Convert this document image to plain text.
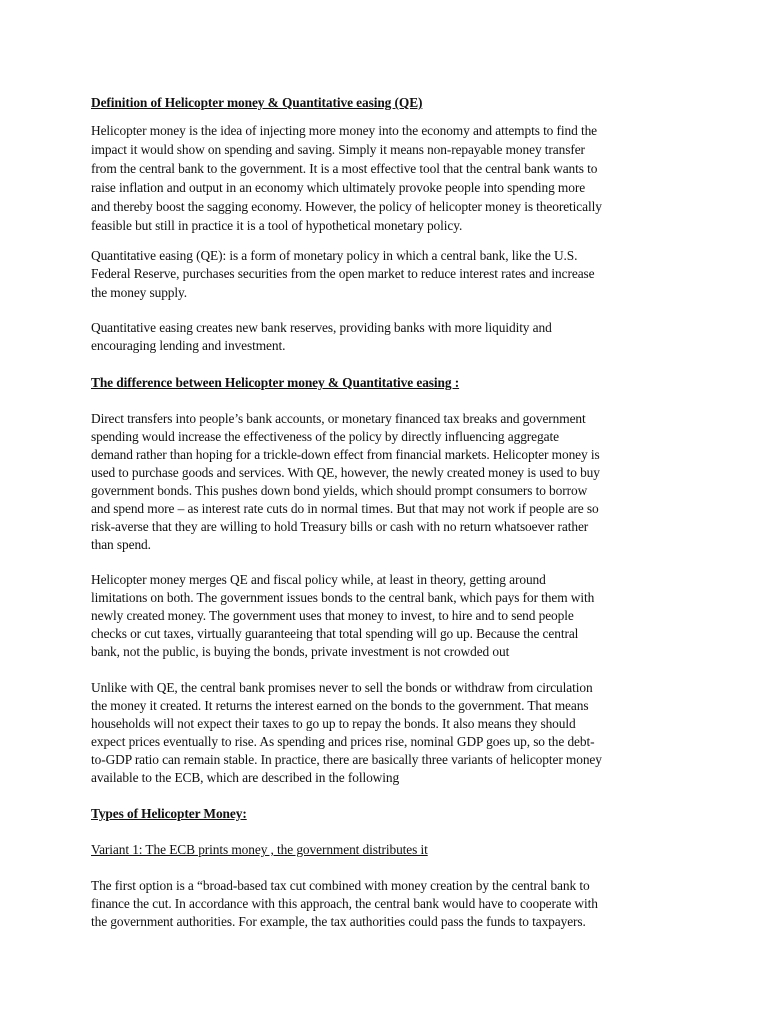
Definition of Helicopter money & Quantitative easing (QE)
Helicopter money is the idea of injecting more money into the economy and attempts to find the
impact it would show on spending and saving. Simply it means non-repayable money transfer
from the central bank to the government. It is a most effective tool that the central bank wants to
raise inflation and output in an economy which ultimately provoke people into spending more
and thereby boost the sagging economy. However, the policy of helicopter money is theoretically
feasible but still in practice it is a tool of hypothetical monetary policy.
Quantitative easing (QE): is a form of monetary policy in which a central bank, like the U.S.
Federal Reserve, purchases securities from the open market to reduce interest rates and increase
the money supply.
Quantitative easing creates new bank reserves, providing banks with more liquidity and
encouraging lending and investment.
The difference between Helicopter money & Quantitative easing :
Direct transfers into people’s bank accounts, or monetary financed tax breaks and government
spending would increase the effectiveness of the policy by directly influencing aggregate
demand rather than hoping for a trickle-down effect from financial markets. Helicopter money is
used to purchase goods and services. With QE, however, the newly created money is used to buy
government bonds. This pushes down bond yields, which should prompt consumers to borrow
and spend more – as interest rate cuts do in normal times. But that may not work if people are so
risk-averse that they are willing to hold Treasury bills or cash with no return whatsoever rather
than spend.
Helicopter money merges QE and fiscal policy while, at least in theory, getting around
limitations on both. The government issues bonds to the central bank, which pays for them with
newly created money. The government uses that money to invest, to hire and to send people
checks or cut taxes, virtually guaranteeing that total spending will go up. Because the central
bank, not the public, is buying the bonds, private investment is not crowded out
Unlike with QE, the central bank promises never to sell the bonds or withdraw from circulation
the money it created. It returns the interest earned on the bonds to the government. That means
households will not expect their taxes to go up to repay the bonds. It also means they should
expect prices eventually to rise. As spending and prices rise, nominal GDP goes up, so the debt-
to-GDP ratio can remain stable. In practice, there are basically three variants of helicopter money
available to the ECB, which are described in the following
Types of Helicopter Money:
Variant 1: The ECB prints money , the government distributes it
The first option is a “broad-based tax cut combined with money creation by the central bank to
finance the cut. In accordance with this approach, the central bank would have to cooperate with
the government authorities. For example, the tax authorities could pass the funds to taxpayers.
